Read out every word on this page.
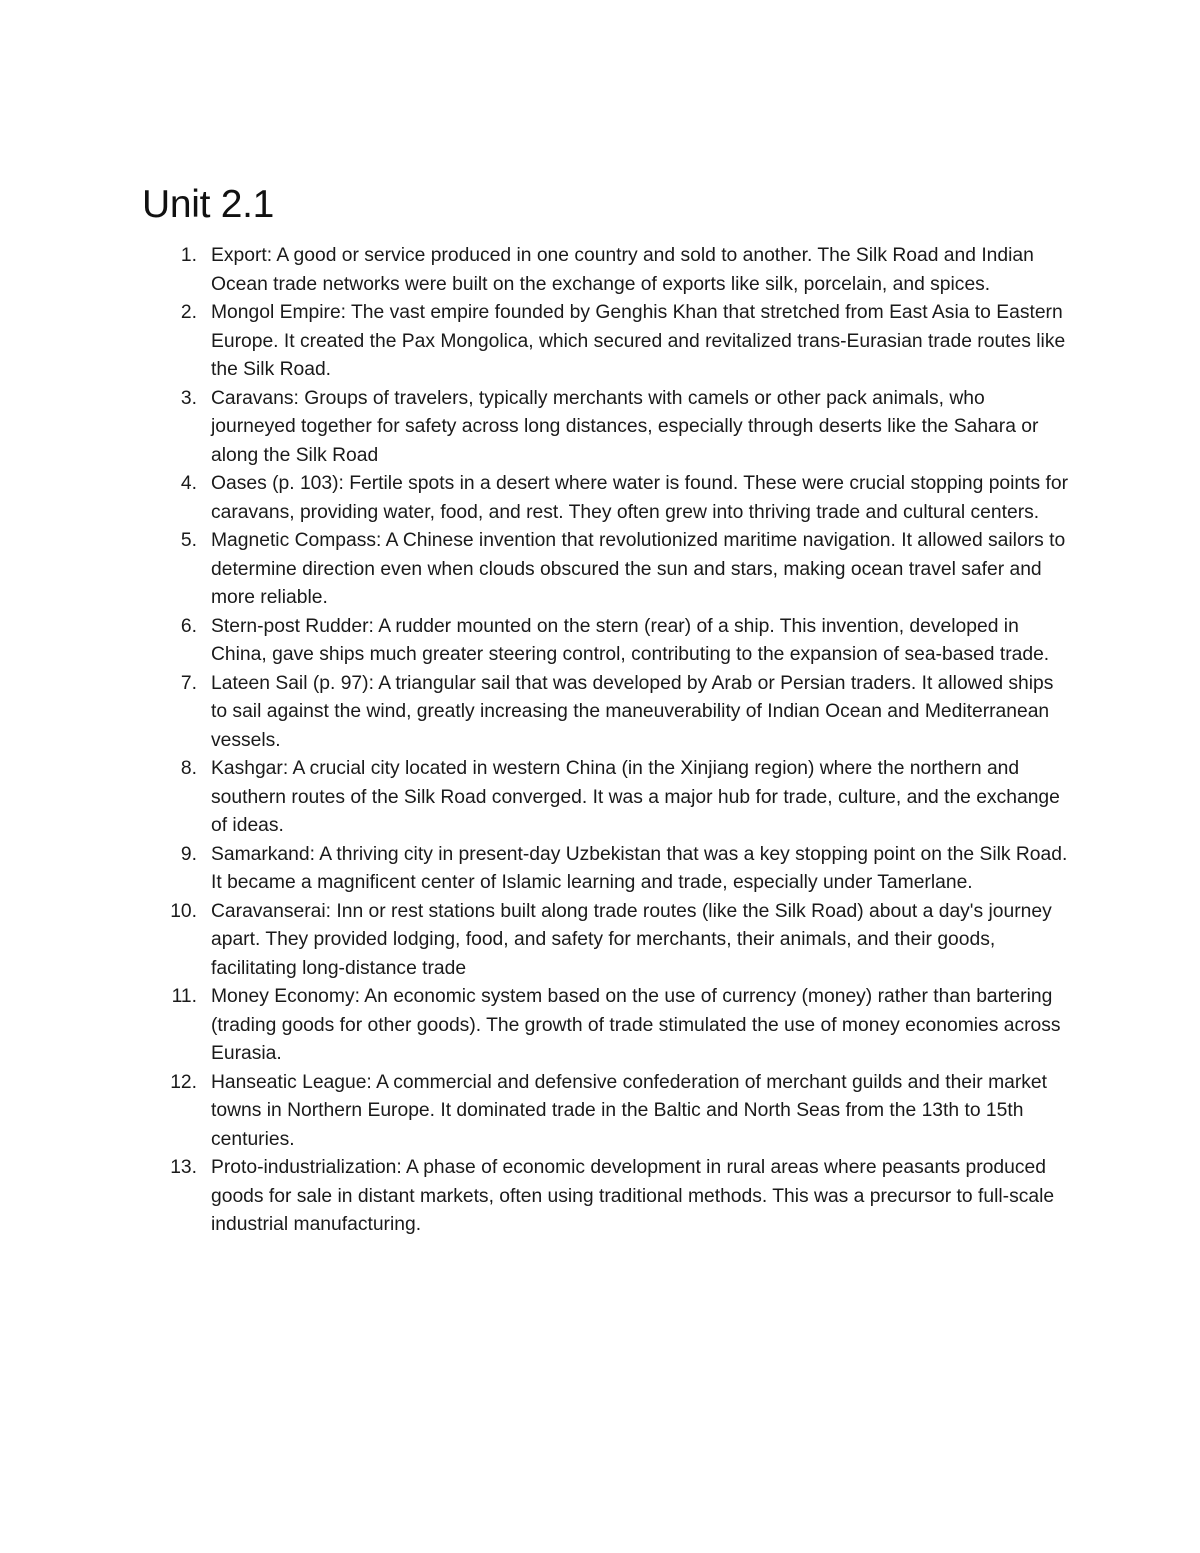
Unit 2.1
1. Export: A good or service produced in one country and sold to another. The Silk Road and Indian Ocean trade networks were built on the exchange of exports like silk, porcelain, and spices.
2. Mongol Empire: The vast empire founded by Genghis Khan that stretched from East Asia to Eastern Europe. It created the Pax Mongolica, which secured and revitalized trans-Eurasian trade routes like the Silk Road.
3. Caravans: Groups of travelers, typically merchants with camels or other pack animals, who journeyed together for safety across long distances, especially through deserts like the Sahara or along the Silk Road
4. Oases (p. 103): Fertile spots in a desert where water is found. These were crucial stopping points for caravans, providing water, food, and rest. They often grew into thriving trade and cultural centers.
5. Magnetic Compass: A Chinese invention that revolutionized maritime navigation. It allowed sailors to determine direction even when clouds obscured the sun and stars, making ocean travel safer and more reliable.
6. Stern-post Rudder: A rudder mounted on the stern (rear) of a ship. This invention, developed in China, gave ships much greater steering control, contributing to the expansion of sea-based trade.
7. Lateen Sail (p. 97): A triangular sail that was developed by Arab or Persian traders. It allowed ships to sail against the wind, greatly increasing the maneuverability of Indian Ocean and Mediterranean vessels.
8. Kashgar: A crucial city located in western China (in the Xinjiang region) where the northern and southern routes of the Silk Road converged. It was a major hub for trade, culture, and the exchange of ideas.
9. Samarkand: A thriving city in present-day Uzbekistan that was a key stopping point on the Silk Road. It became a magnificent center of Islamic learning and trade, especially under Tamerlane.
10. Caravanserai: Inn or rest stations built along trade routes (like the Silk Road) about a day's journey apart. They provided lodging, food, and safety for merchants, their animals, and their goods, facilitating long-distance trade
11. Money Economy: An economic system based on the use of currency (money) rather than bartering (trading goods for other goods). The growth of trade stimulated the use of money economies across Eurasia.
12. Hanseatic League: A commercial and defensive confederation of merchant guilds and their market towns in Northern Europe. It dominated trade in the Baltic and North Seas from the 13th to 15th centuries.
13. Proto-industrialization: A phase of economic development in rural areas where peasants produced goods for sale in distant markets, often using traditional methods. This was a precursor to full-scale industrial manufacturing.
